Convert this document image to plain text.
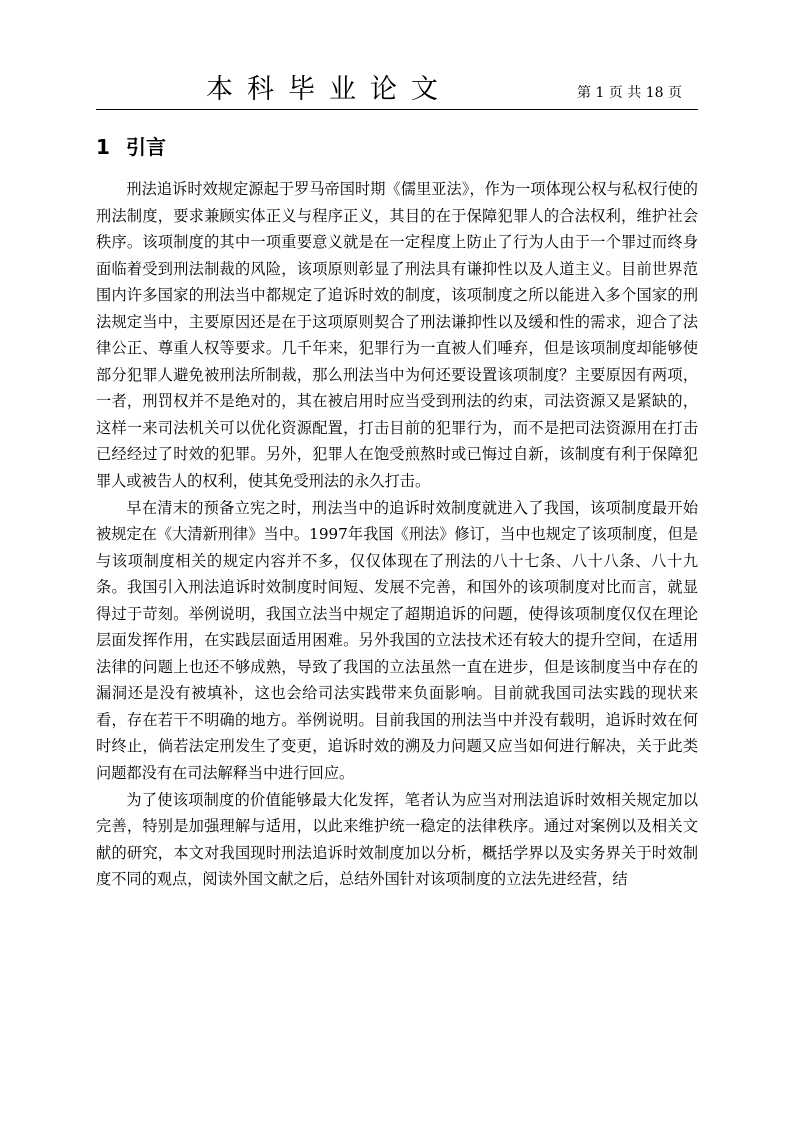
本科毕业论文	第 1 页 共 18 页
1 引言

刑法追诉时效规定源起于罗马帝国时期《儒里亚法》，作为一项体现公权与私权行使的刑法制度，要求兼顾实体正义与程序正义，其目的在于保障犯罪人的合法权利，维护社会秩序。该项制度的其中一项重要意义就是在一定程度上防止了行为人由于一个罪过而终身面临着受到刑法制裁的风险，该项原则彰显了刑法具有谦抑性以及人道主义。目前世界范围内许多国家的刑法当中都规定了追诉时效的制度，该项制度之所以能进入多个国家的刑法规定当中，主要原因还是在于这项原则契合了刑法谦抑性以及缓和性的需求，迎合了法律公正、尊重人权等要求。几千年来，犯罪行为一直被人们唾弃，但是该项制度却能够使部分犯罪人避免被刑法所制裁，那么刑法当中为何还要设置该项制度？主要原因有两项，一者，刑罚权并不是绝对的，其在被启用时应当受到刑法的约束，司法资源又是紧缺的，这样一来司法机关可以优化资源配置，打击目前的犯罪行为，而不是把司法资源用在打击已经经过了时效的犯罪。另外，犯罪人在饱受煎熬时或已悔过自新，该制度有利于保障犯罪人或被告人的权利，使其免受刑法的永久打击。

早在清末的预备立宪之时，刑法当中的追诉时效制度就进入了我国，该项制度最开始被规定在《大清新刑律》当中。1997年我国《刑法》修订，当中也规定了该项制度，但是与该项制度相关的规定内容并不多，仅仅体现在了刑法的八十七条、八十八条、八十九条。我国引入刑法追诉时效制度时间短、发展不完善，和国外的该项制度对比而言，就显得过于苛刻。举例说明，我国立法当中规定了超期追诉的问题，使得该项制度仅仅在理论层面发挥作用，在实践层面适用困难。另外我国的立法技术还有较大的提升空间，在适用法律的问题上也还不够成熟，导致了我国的立法虽然一直在进步，但是该制度当中存在的漏洞还是没有被填补，这也会给司法实践带来负面影响。目前就我国司法实践的现状来看，存在若干不明确的地方。举例说明。目前我国的刑法当中并没有载明，追诉时效在何时终止，倘若法定刑发生了变更，追诉时效的溯及力问题又应当如何进行解决，关于此类问题都没有在司法解释当中进行回应。

为了使该项制度的价值能够最大化发挥，笔者认为应当对刑法追诉时效相关规定加以完善，特别是加强理解与适用，以此来维护统一稳定的法律秩序。通过对案例以及相关文献的研究，本文对我国现时刑法追诉时效制度加以分析，概括学界以及实务界关于时效制度不同的观点，阅读外国文献之后，总结外国针对该项制度的立法先进经营，结
